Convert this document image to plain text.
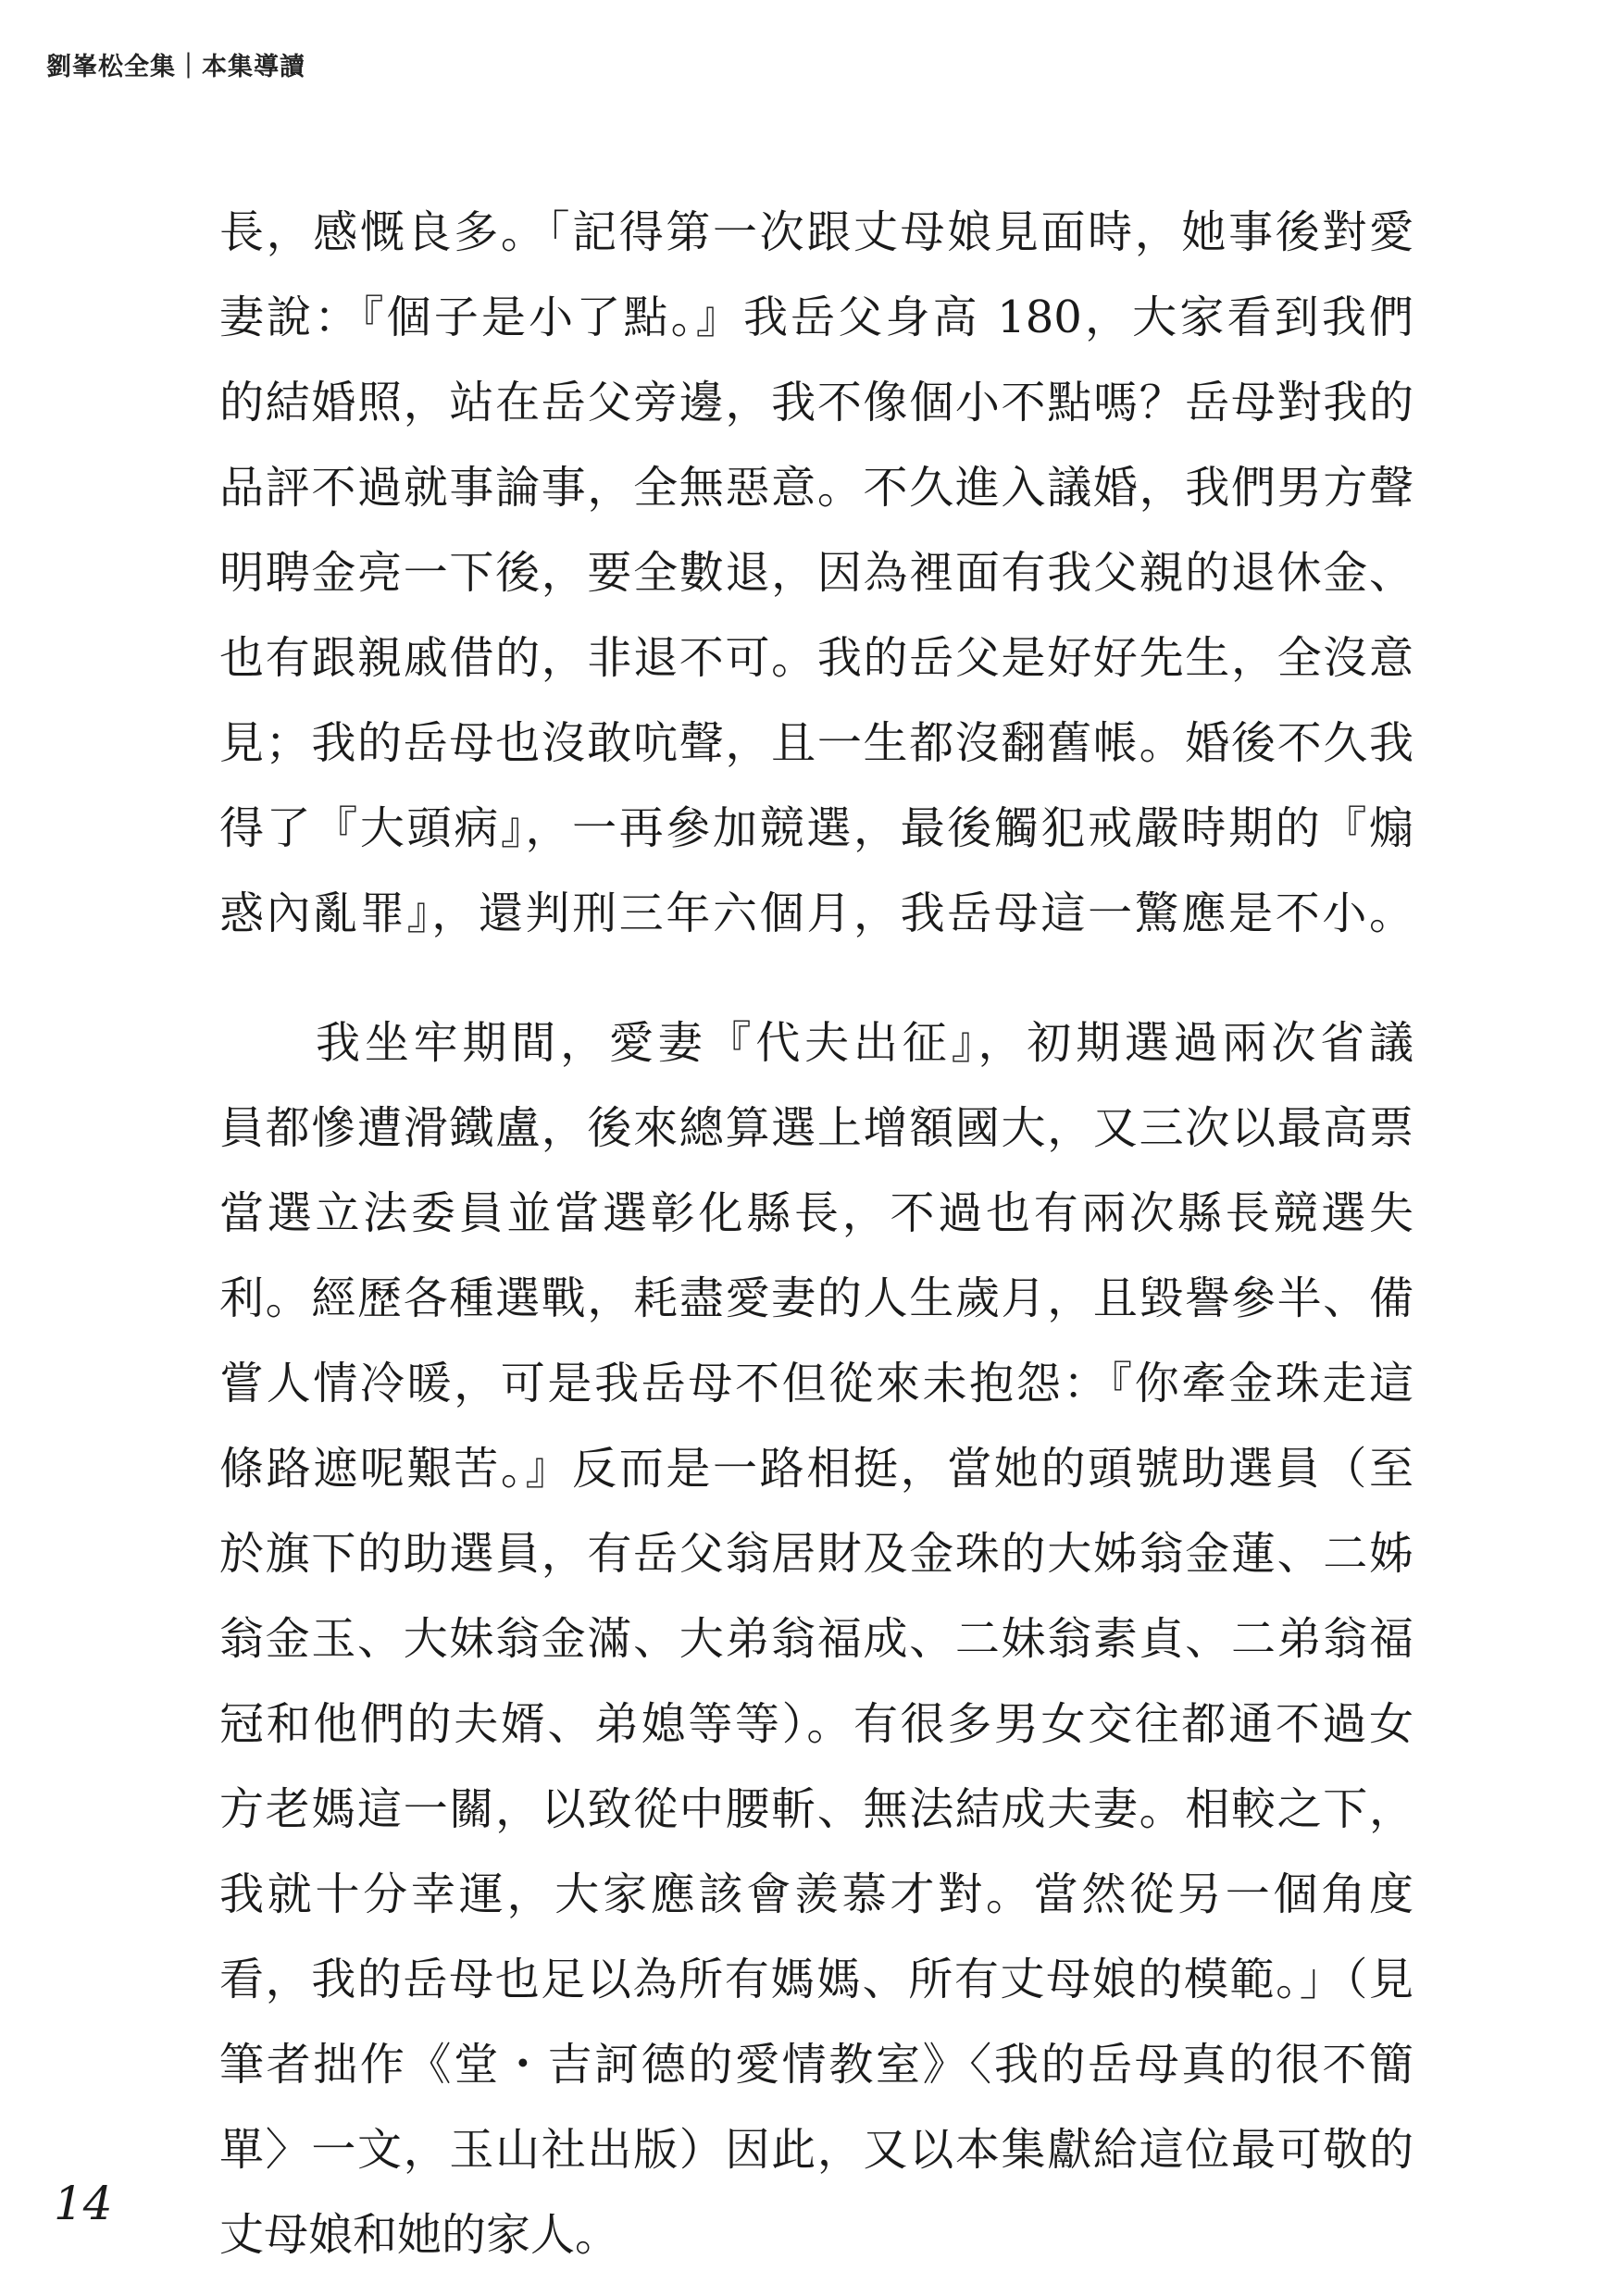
劉峯松全集｜本集導讀
長，感慨良多。「記得第一次跟丈母娘見面時，她事後對愛
妻說：『個子是小了點。』我岳父身高 180，大家看到我們
的結婚照，站在岳父旁邊，我不像個小不點嗎？岳母對我的
品評不過就事論事，全無惡意。不久進入議婚，我們男方聲
明聘金亮一下後，要全數退，因為裡面有我父親的退休金、
也有跟親戚借的，非退不可。我的岳父是好好先生，全沒意
見；我的岳母也沒敢吭聲，且一生都沒翻舊帳。婚後不久我
得了『大頭病』，一再參加競選，最後觸犯戒嚴時期的『煽
惑內亂罪』，還判刑三年六個月，我岳母這一驚應是不小。
我坐牢期間，愛妻『代夫出征』，初期選過兩次省議
員都慘遭滑鐵盧，後來總算選上增額國大，又三次以最高票
當選立法委員並當選彰化縣長，不過也有兩次縣長競選失
利。經歷各種選戰，耗盡愛妻的人生歲月，且毀譽參半、備
嘗人情冷暖，可是我岳母不但從來未抱怨：『你牽金珠走這
條路遮呢艱苦。』反而是一路相挺，當她的頭號助選員（至
於旗下的助選員，有岳父翁居財及金珠的大姊翁金蓮、二姊
翁金玉、大妹翁金滿、大弟翁福成、二妹翁素貞、二弟翁福
冠和他們的夫婿、弟媳等等）。有很多男女交往都通不過女
方老媽這一關，以致從中腰斬、無法結成夫妻。相較之下，
我就十分幸運，大家應該會羨慕才對。當然從另一個角度
看，我的岳母也足以為所有媽媽、所有丈母娘的模範。」（見
筆者拙作《堂・吉訶德的愛情教室》〈我的岳母真的很不簡
單〉一文，玉山社出版）因此，又以本集獻給這位最可敬的
丈母娘和她的家人。
14
